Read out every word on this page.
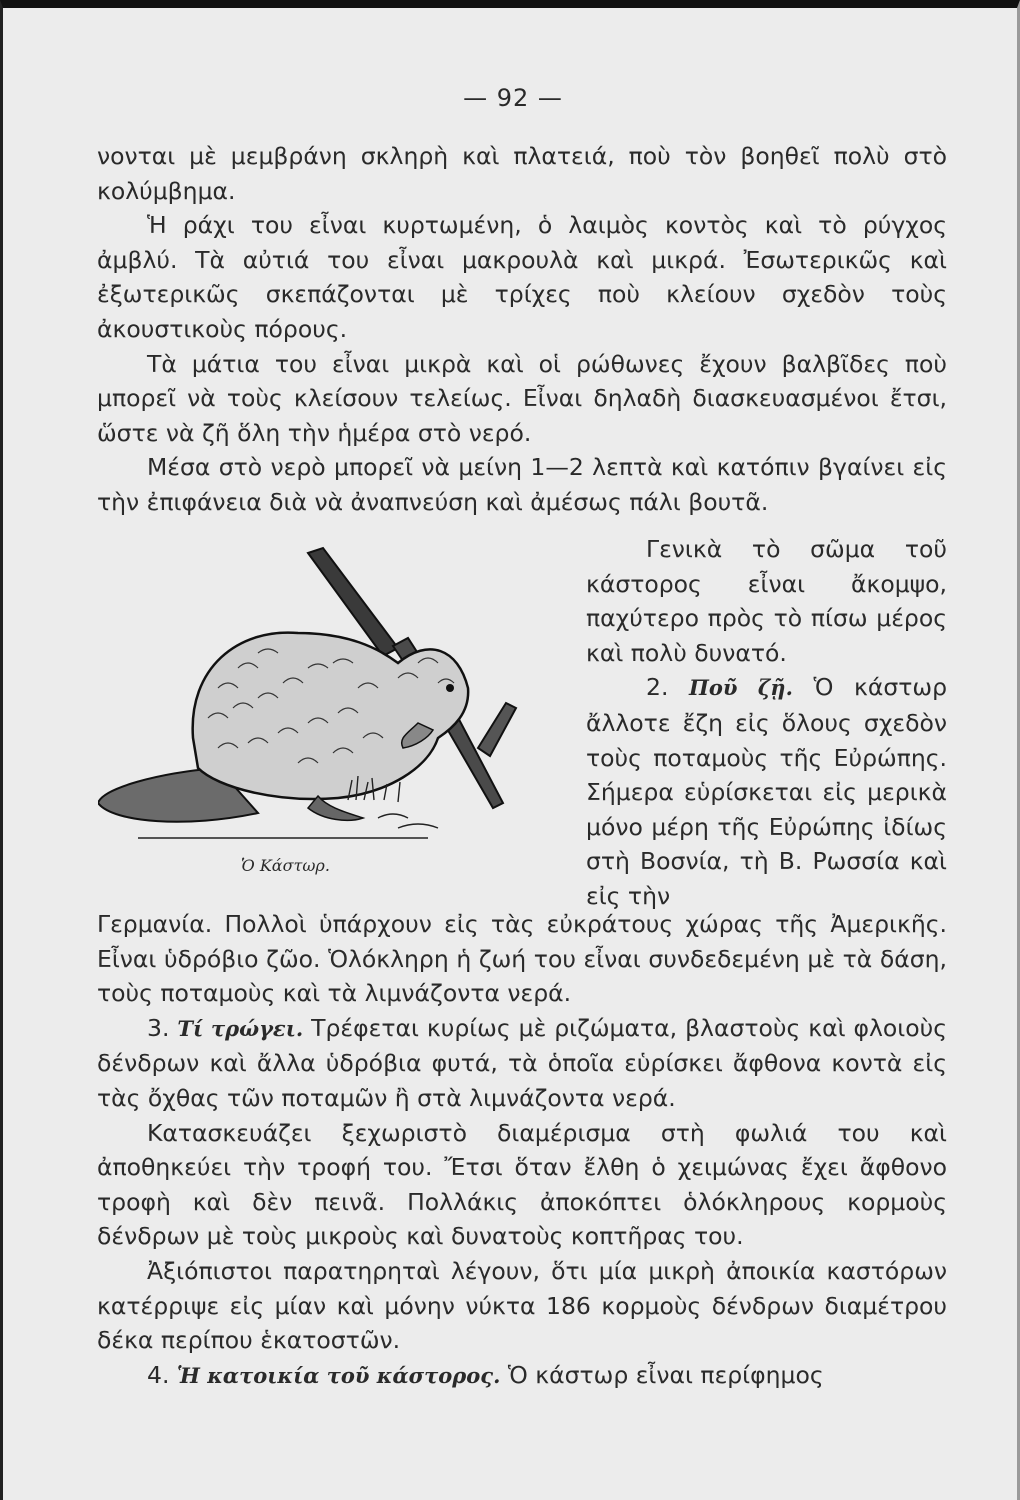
— 92 —

νονται μὲ μεμβράνη σκληρὴ καὶ πλατειά, ποὺ τὸν βοηθεῖ πολὺ στὸ κολύμβημα.

Ἡ ράχι του εἶναι κυρτωμένη, ὁ λαιμὸς κοντὸς καὶ τὸ ρύγχος ἀμβλύ. Τὰ αὐτιά του εἶναι μακρουλὰ καὶ μικρά. Ἐσωτερικῶς καὶ ἐξωτερικῶς σκεπάζονται μὲ τρίχες ποὺ κλείουν σχεδὸν τοὺς ἀκουστικοὺς πόρους.

Τὰ μάτια του εἶναι μικρὰ καὶ οἱ ρώθωνες ἔχουν βαλβῖδες ποὺ μπορεῖ νὰ τοὺς κλείσουν τελείως. Εἶναι δηλαδὴ διασκευασμένοι ἔτσι, ὥστε νὰ ζῆ ὅλη τὴν ἡμέρα στὸ νερό.

Μέσα στὸ νερὸ μπορεῖ νὰ μείνη 1—2 λεπτὰ καὶ κατόπιν βγαίνει εἰς τὴν ἐπιφάνεια διὰ νὰ ἀναπνεύση καὶ ἀμέσως πάλι βουτᾶ.

Ὁ Κάστωρ.

Γενικὰ τὸ σῶμα τοῦ κάστορος εἶναι ἄκομψο, παχύτερο πρὸς τὸ πίσω μέρος καὶ πολὺ δυνατό.

2. Ποῦ ζῇ. Ὁ κάστωρ ἄλλοτε ἔζη εἰς ὅλους σχεδὸν τοὺς ποταμοὺς τῆς Εὐρώπης. Σήμερα εὑρίσκεται εἰς μερικὰ μόνο μέρη τῆς Εὐρώπης ἰδίως στὴ Βοσνία, τὴ Β. Ρωσσία καὶ εἰς τὴν

Γερμανία. Πολλοὶ ὑπάρχουν εἰς τὰς εὐκράτους χώρας τῆς Ἀμερικῆς. Εἶναι ὑδρόβιο ζῶο. Ὁλόκληρη ἡ ζωή του εἶναι συνδεδεμένη μὲ τὰ δάση, τοὺς ποταμοὺς καὶ τὰ λιμνάζοντα νερά.

3. Τί τρώγει. Τρέφεται κυρίως μὲ ριζώματα, βλαστοὺς καὶ φλοιοὺς δένδρων καὶ ἄλλα ὑδρόβια φυτά, τὰ ὁποῖα εὑρίσκει ἄφθονα κοντὰ εἰς τὰς ὄχθας τῶν ποταμῶν ἢ στὰ λιμνάζοντα νερά.

Κατασκευάζει ξεχωριστὸ διαμέρισμα στὴ φωλιά του καὶ ἀποθηκεύει τὴν τροφή του. Ἔτσι ὅταν ἔλθη ὁ χειμώνας ἔχει ἄφθονο τροφὴ καὶ δὲν πεινᾶ. Πολλάκις ἀποκόπτει ὁλόκληρους κορμοὺς δένδρων μὲ τοὺς μικροὺς καὶ δυνατοὺς κοπτῆρας του.

Ἀξιόπιστοι παρατηρηταὶ λέγουν, ὅτι μία μικρὴ ἀποικία καστόρων κατέρριψε εἰς μίαν καὶ μόνην νύκτα 186 κορμοὺς δένδρων διαμέτρου δέκα περίπου ἑκατοστῶν.

4. Ἡ κατοικία τοῦ κάστορος. Ὁ κάστωρ εἶναι περίφημος
